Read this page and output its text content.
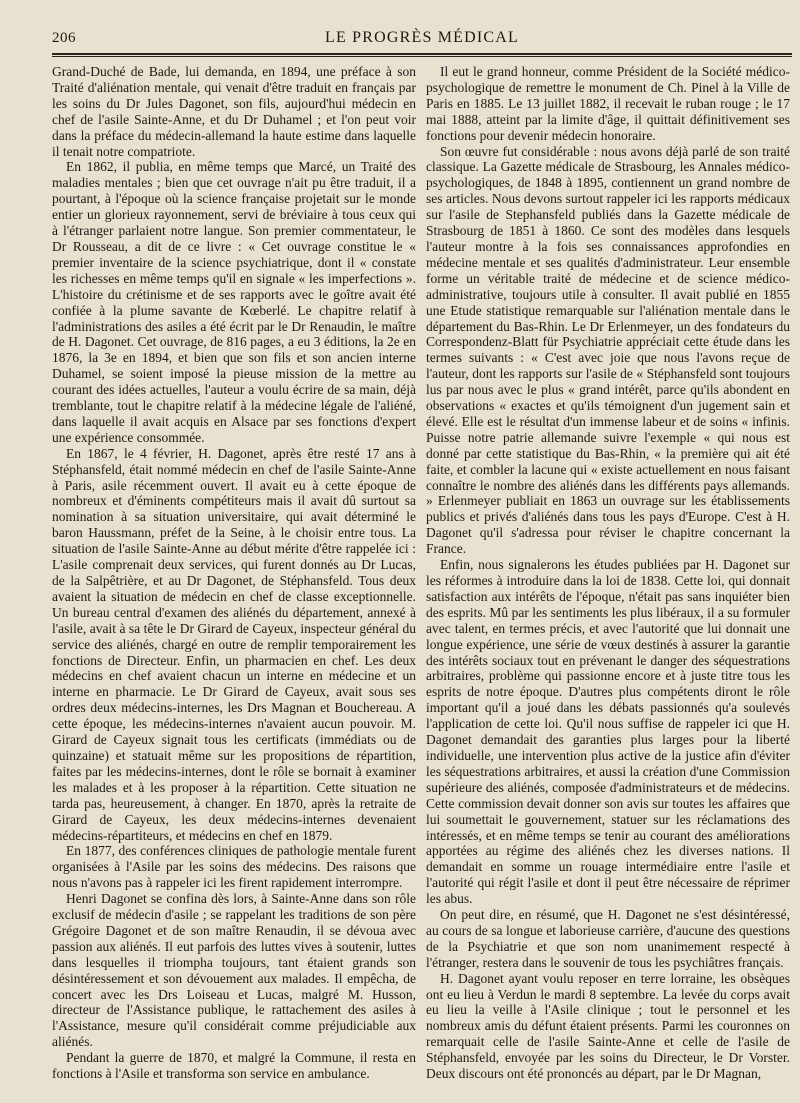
206	LE PROGRÈS MÉDICAL

Grand-Duché de Bade, lui demanda, en 1894, une préface à son Traité d'aliénation mentale, qui venait d'être traduit en français par les soins du Dr Jules Dagonet, son fils, aujourd'hui médecin en chef de l'asile Sainte-Anne, et du Dr Duhamel ; et l'on peut voir dans la préface du médecin-allemand la haute estime dans laquelle il tenait notre compatriote.

En 1862, il publia, en même temps que Marcé, un Traité des maladies mentales ; bien que cet ouvrage n'ait pu être traduit, il a pourtant, à l'époque où la science française projetait sur le monde entier un glorieux rayonnement, servi de bréviaire à tous ceux qui à l'étranger parlaient notre langue. Son premier commentateur, le Dr Rousseau, a dit de ce livre : « Cet ouvrage constitue le « premier inventaire de la science psychiatrique, dont il « constate les richesses en même temps qu'il en signale « les imperfections ». L'histoire du crétinisme et de ses rapports avec le goître avait été confiée à la plume savante de Kœberlé. Le chapitre relatif à l'administrations des asiles a été écrit par le Dr Renaudin, le maître de H. Dagonet. Cet ouvrage, de 816 pages, a eu 3 éditions, la 2e en 1876, la 3e en 1894, et bien que son fils et son ancien interne Duhamel, se soient imposé la pieuse mission de la mettre au courant des idées actuelles, l'auteur a voulu écrire de sa main, déjà tremblante, tout le chapitre relatif à la médecine légale de l'aliéné, dans laquelle il avait acquis en Alsace par ses fonctions d'expert une expérience consommée.

En 1867, le 4 février, H. Dagonet, après être resté 17 ans à Stéphansfeld, était nommé médecin en chef de l'asile Sainte-Anne à Paris, asile récemment ouvert. Il avait eu à cette époque de nombreux et d'éminents compétiteurs mais il avait dû surtout sa nomination à sa situation universitaire, qui avait déterminé le baron Haussmann, préfet de la Seine, à le choisir entre tous. La situation de l'asile Sainte-Anne au début mérite d'être rappelée ici : L'asile comprenait deux services, qui furent donnés au Dr Lucas, de la Salpêtrière, et au Dr Dagonet, de Stéphansfeld. Tous deux avaient la situation de médecin en chef de classe exceptionnelle. Un bureau central d'examen des aliénés du département, annexé à l'asile, avait à sa tête le Dr Girard de Cayeux, inspecteur général du service des aliénés, chargé en outre de remplir temporairement les fonctions de Directeur. Enfin, un pharmacien en chef. Les deux médecins en chef avaient chacun un interne en médecine et un interne en pharmacie. Le Dr Girard de Cayeux, avait sous ses ordres deux médecins-internes, les Drs Magnan et Bouchereau. A cette époque, les médecins-internes n'avaient aucun pouvoir. M. Girard de Cayeux signait tous les certificats (immédiats ou de quinzaine) et statuait même sur les propositions de répartition, faites par les médecins-internes, dont le rôle se bornait à examiner les malades et à les proposer à la répartition. Cette situation ne tarda pas, heureusement, à changer. En 1870, après la retraite de Girard de Cayeux, les deux médecins-internes devenaient médecins-répartiteurs, et médecins en chef en 1879.

En 1877, des conférences cliniques de pathologie mentale furent organisées à l'Asile par les soins des médecins. Des raisons que nous n'avons pas à rappeler ici les firent rapidement interrompre.

Henri Dagonet se confina dès lors, à Sainte-Anne dans son rôle exclusif de médecin d'asile ; se rappelant les traditions de son père Grégoire Dagonet et de son maître Renaudin, il se dévoua avec passion aux aliénés. Il eut parfois des luttes vives à soutenir, luttes dans lesquelles il triompha toujours, tant étaient grands son désintéressement et son dévouement aux malades. Il empêcha, de concert avec les Drs Loiseau et Lucas, malgré M. Husson, directeur de l'Assistance publique, le rattachement des asiles à l'Assistance, mesure qu'il considérait comme préjudiciable aux aliénés.

Pendant la guerre de 1870, et malgré la Commune, il resta en fonctions à l'Asile et transforma son service en ambulance.

Il eut le grand honneur, comme Président de la Société médico-psychologique de remettre le monument de Ch. Pinel à la Ville de Paris en 1885. Le 13 juillet 1882, il recevait le ruban rouge ; le 17 mai 1888, atteint par la limite d'âge, il quittait définitivement ses fonctions pour devenir médecin honoraire.

Son œuvre fut considérable : nous avons déjà parlé de son traité classique. La Gazette médicale de Strasbourg, les Annales médico-psychologiques, de 1848 à 1895, contiennent un grand nombre de ses articles. Nous devons surtout rappeler ici les rapports médicaux sur l'asile de Stephansfeld publiés dans la Gazette médicale de Strasbourg de 1851 à 1860. Ce sont des modèles dans lesquels l'auteur montre à la fois ses connaissances approfondies en médecine mentale et ses qualités d'administrateur. Leur ensemble forme un véritable traité de médecine et de science médico-administrative, toujours utile à consulter. Il avait publié en 1855 une Etude statistique remarquable sur l'aliénation mentale dans le département du Bas-Rhin. Le Dr Erlenmeyer, un des fondateurs du Correspondenz-Blatt für Psychiatrie appréciait cette étude dans les termes suivants : « C'est avec joie que nous l'avons reçue de l'auteur, dont les rapports sur l'asile de « Stéphansfeld sont toujours lus par nous avec le plus « grand intérêt, parce qu'ils abondent en observations « exactes et qu'ils témoignent d'un jugement sain et élevé. Elle est le résultat d'un immense labeur et de soins « infinis. Puisse notre patrie allemande suivre l'exemple « qui nous est donné par cette statistique du Bas-Rhin, « la première qui ait été faite, et combler la lacune qui « existe actuellement en nous faisant connaître le nombre des aliénés dans les différents pays allemands. » Erlenmeyer publiait en 1863 un ouvrage sur les établissements publics et privés d'aliénés dans tous les pays d'Europe. C'est à H. Dagonet qu'il s'adressa pour réviser le chapitre concernant la France.

Enfin, nous signalerons les études publiées par H. Dagonet sur les réformes à introduire dans la loi de 1838. Cette loi, qui donnait satisfaction aux intérêts de l'époque, n'était pas sans inquiéter bien des esprits. Mû par les sentiments les plus libéraux, il a su formuler avec talent, en termes précis, et avec l'autorité que lui donnait une longue expérience, une série de vœux destinés à assurer la garantie des intérêts sociaux tout en prévenant le danger des séquestrations arbitraires, problème qui passionne encore et à juste titre tous les esprits de notre époque. D'autres plus compétents diront le rôle important qu'il a joué dans les débats passionnés qu'a soulevés l'application de cette loi. Qu'il nous suffise de rappeler ici que H. Dagonet demandait des garanties plus larges pour la liberté individuelle, une intervention plus active de la justice afin d'éviter les séquestrations arbitraires, et aussi la création d'une Commission supérieure des aliénés, composée d'administrateurs et de médecins. Cette commission devait donner son avis sur toutes les affaires que lui soumettait le gouvernement, statuer sur les réclamations des intéressés, et en même temps se tenir au courant des améliorations apportées au régime des aliénés chez les diverses nations. Il demandait en somme un rouage intermédiaire entre l'asile et l'autorité qui régit l'asile et dont il peut être nécessaire de réprimer les abus.

On peut dire, en résumé, que H. Dagonet ne s'est désintéressé, au cours de sa longue et laborieuse carrière, d'aucune des questions de la Psychiatrie et que son nom unanimement respecté à l'étranger, restera dans le souvenir de tous les psychiâtres français.

H. Dagonet ayant voulu reposer en terre lorraine, les obsèques ont eu lieu à Verdun le mardi 8 septembre. La levée du corps avait eu lieu la veille à l'Asile clinique ; tout le personnel et les nombreux amis du défunt étaient présents. Parmi les couronnes on remarquait celle de l'asile Sainte-Anne et celle de l'asile de Stéphansfeld, envoyée par les soins du Directeur, le Dr Vorster. Deux discours ont été prononcés au départ, par le Dr Magnan,
